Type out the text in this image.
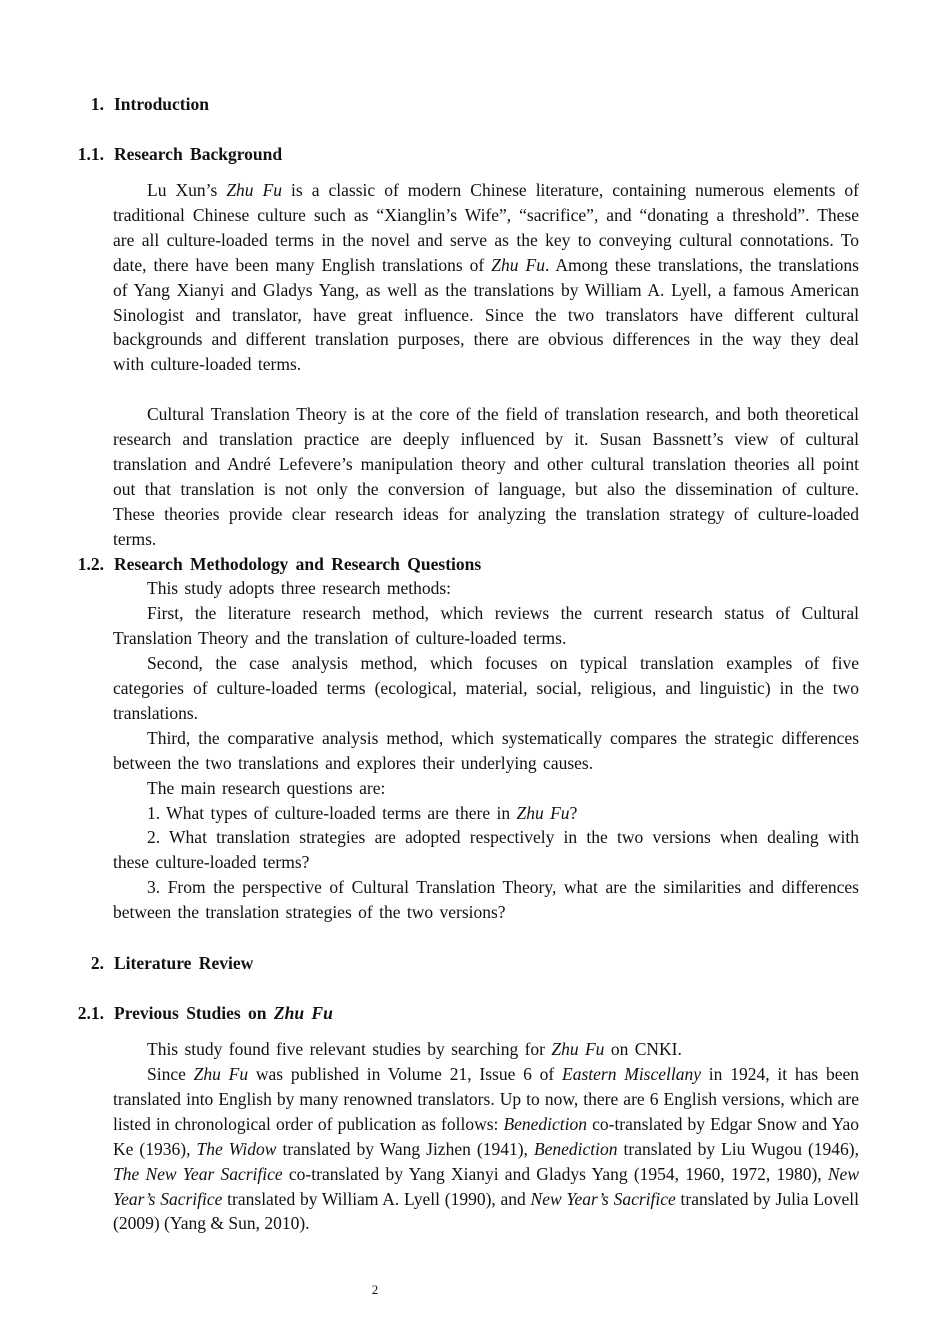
1. Introduction
1.1. Research Background

Lu Xun’s Zhu Fu is a classic of modern Chinese literature, containing numerous elements of traditional Chinese culture such as “Xianglin’s Wife”, “sacrifice”, and “donating a threshold”. These are all culture-loaded terms in the novel and serve as the key to conveying cultural connotations. To date, there have been many English translations of Zhu Fu. Among these translations, the translations of Yang Xianyi and Gladys Yang, as well as the translations by William A. Lyell, a famous American Sinologist and translator, have great influence. Since the two translators have different cultural backgrounds and different translation purposes, there are obvious differences in the way they deal with culture-loaded terms.

Cultural Translation Theory is at the core of the field of translation research, and both theoretical research and translation practice are deeply influenced by it. Susan Bassnett’s view of cultural translation and André Lefevere’s manipulation theory and other cultural translation theories all point out that translation is not only the conversion of language, but also the dissemination of culture. These theories provide clear research ideas for analyzing the translation strategy of culture-loaded terms.

1.2. Research Methodology and Research Questions

This study adopts three research methods:

First, the literature research method, which reviews the current research status of Cultural Translation Theory and the translation of culture-loaded terms.

Second, the case analysis method, which focuses on typical translation examples of five categories of culture-loaded terms (ecological, material, social, religious, and linguistic) in the two translations.

Third, the comparative analysis method, which systematically compares the strategic differences between the two translations and explores their underlying causes.

The main research questions are:

1. What types of culture-loaded terms are there in Zhu Fu?

2. What translation strategies are adopted respectively in the two versions when dealing with these culture-loaded terms?

3. From the perspective of Cultural Translation Theory, what are the similarities and differences between the translation strategies of the two versions?

2. Literature Review
2.1. Previous Studies on Zhu Fu

This study found five relevant studies by searching for Zhu Fu on CNKI.

Since Zhu Fu was published in Volume 21, Issue 6 of Eastern Miscellany in 1924, it has been translated into English by many renowned translators. Up to now, there are 6 English versions, which are listed in chronological order of publication as follows: Benediction co-translated by Edgar Snow and Yao Ke (1936), The Widow translated by Wang Jizhen (1941), Benediction translated by Liu Wugou (1946), The New Year Sacrifice co-translated by Yang Xianyi and Gladys Yang (1954, 1960, 1972, 1980), New Year’s Sacrifice translated by William A. Lyell (1990), and New Year’s Sacrifice translated by Julia Lovell (2009) (Yang & Sun, 2010).

2
